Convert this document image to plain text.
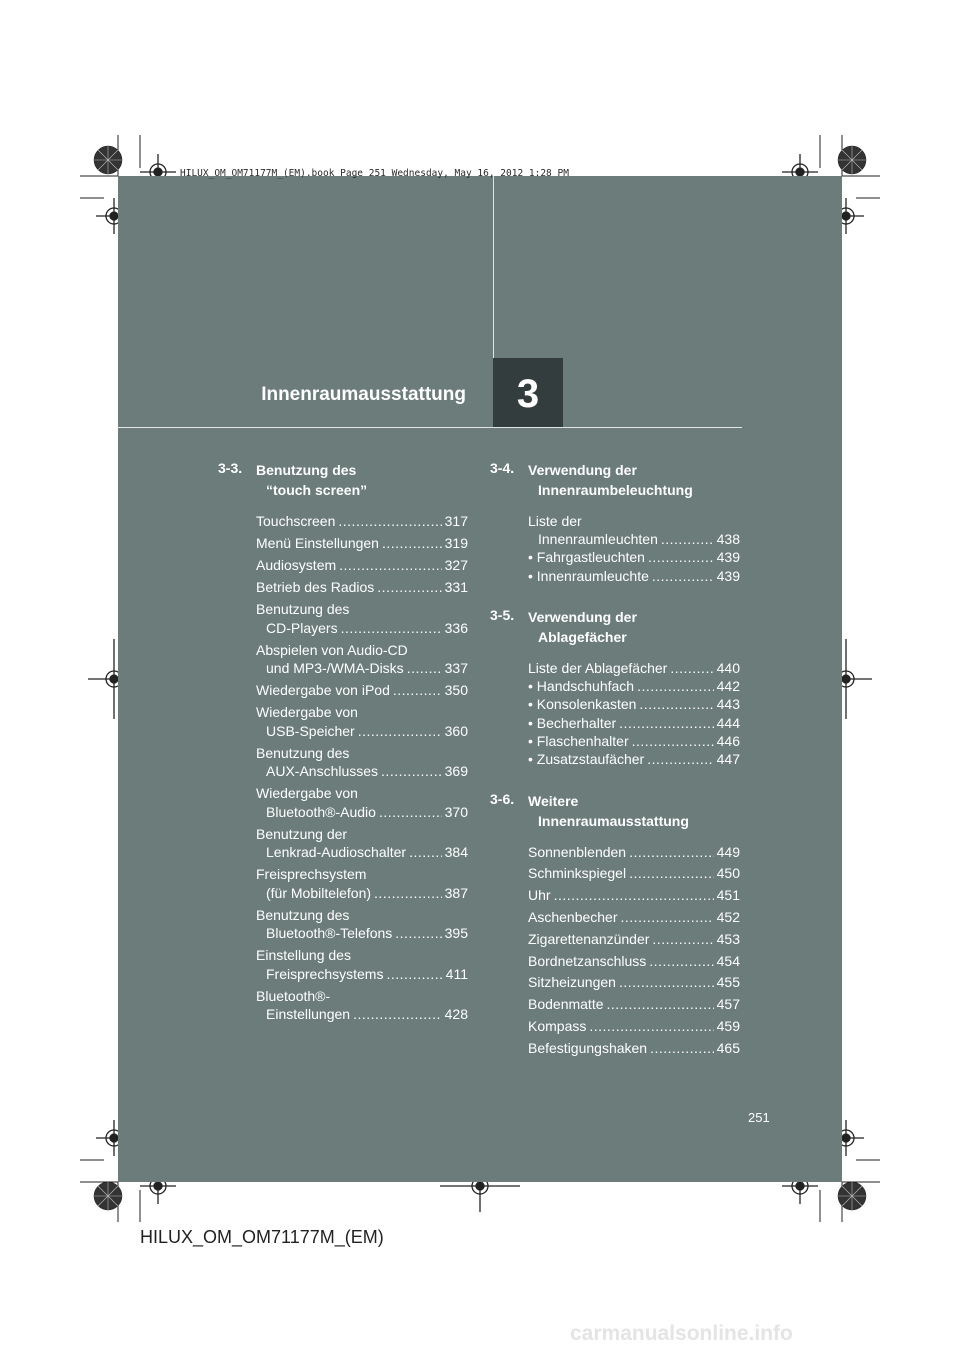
HILUX_OM_OM71177M_(EM).book Page 251 Wednesday, May 16, 2012 1:28 PM
Innenraumausstattung	3
3-3. Benutzung des
“touch screen”
Touchscreen .....	317
Menü Einstellungen .....	319
Audiosystem .....	327
Betrieb des Radios .....	331
Benutzung des
CD-Players .....	336
Abspielen von Audio-CD
und MP3-/WMA-Disks .....	337
Wiedergabe von iPod .....	350
Wiedergabe von
USB-Speicher .....	360
Benutzung des
AUX-Anschlusses .....	369
Wiedergabe von
Bluetooth®-Audio .....	370
Benutzung der
Lenkrad-Audioschalter .....	384
Freisprechsystem
(für Mobiltelefon) .....	387
Benutzung des
Bluetooth®-Telefons .....	395
Einstellung des
Freisprechsystems .....	411
Bluetooth®-
Einstellungen .....	428
3-4. Verwendung der
Innenraumbeleuchtung
Liste der
Innenraumleuchten .....	438
• Fahrgastleuchten .....	439
• Innenraumleuchte .....	439
3-5. Verwendung der
Ablagefächer
Liste der Ablagefächer .....	440
• Handschuhfach .....	442
• Konsolenkasten .....	443
• Becherhalter .....	444
• Flaschenhalter .....	446
• Zusatzstaufächer .....	447
3-6. Weitere
Innenraumausstattung
Sonnenblenden .....	449
Schminkspiegel .....	450
Uhr .....	451
Aschenbecher .....	452
Zigarettenanzünder .....	453
Bordnetzanschluss .....	454
Sitzheizungen .....	455
Bodenmatte .....	457
Kompass .....	459
Befestigungshaken .....	465
251
HILUX_OM_OM71177M_(EM)
carmanualsonline.info
